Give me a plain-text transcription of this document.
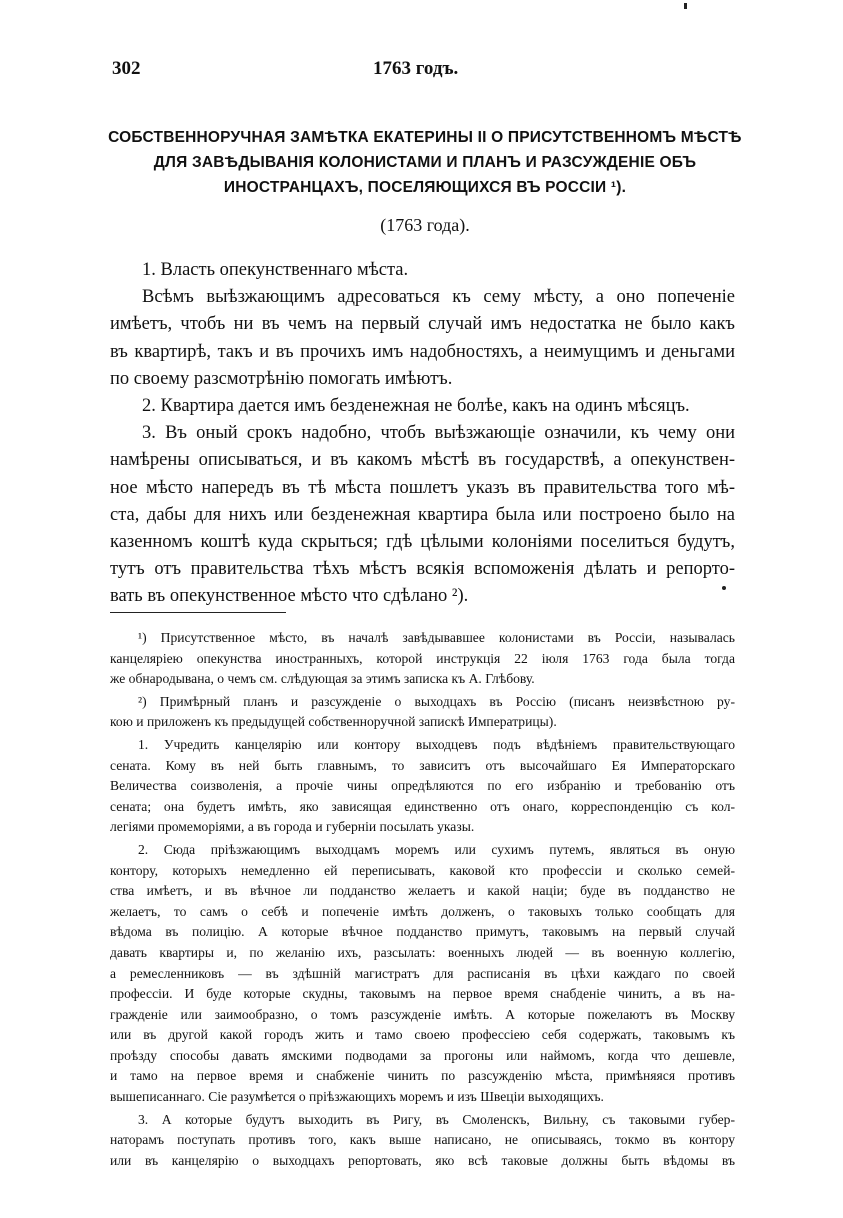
302	1763 годъ.
СОБСТВЕННОРУЧНАЯ ЗАМѢТКА ЕКАТЕРИНЫ II О ПРИСУТСТВЕННОМЪ МѢСТѢ
ДЛЯ ЗАВѢДЫВАНІЯ КОЛОНИСТАМИ И ПЛАНЪ И РАЗСУЖДЕНІЕ ОБЪ
ИНОСТРАНЦАХЪ, ПОСЕЛЯЮЩИХСЯ ВЪ РОССІИ ¹).
(1763 года).
1. Власть опекунственнаго мѣста.
Всѣмъ выѣзжающимъ адресоваться къ сему мѣсту, а оно попеченіе
имѣетъ, чтобъ ни въ чемъ на первый случай имъ недостатка не было какъ
въ квартирѣ, такъ и въ прочихъ имъ надобностяхъ, а неимущимъ и деньгами
по своему разсмотрѣнію помогать имѣютъ.
2. Квартира дается имъ безденежная не болѣе, какъ на одинъ мѣсяцъ.
3. Въ оный срокъ надобно, чтобъ выѣзжающіе означили, къ чему они
намѣрены описываться, и въ какомъ мѣстѣ въ государствѣ, а опекунствен-
ное мѣсто напередъ въ тѣ мѣста пошлетъ указъ въ правительства того мѣ-
ста, дабы для нихъ или безденежная квартира была или построено было на
казенномъ коштѣ куда скрыться; гдѣ цѣлыми колоніями поселиться будутъ,
тутъ отъ правительства тѣхъ мѣстъ всякія вспоможенія дѣлать и репорто-
вать въ опекунственное мѣсто что сдѣлано ²).
¹) Присутственное мѣсто, въ началѣ завѣдывавшее колонистами въ Россіи, называлась
канцеляріею опекунства иностранныхъ, которой инструкція 22 іюля 1763 года была тогда
же обнародывана, о чемъ см. слѣдующая за этимъ записка къ А. Глѣбову.
²) Примѣрный планъ и разсужденіе о выходцахъ въ Россію (писанъ неизвѣстною ру-
кою и приложенъ къ предыдущей собственноручной запискѣ Императрицы).
1. Учредить канцелярію или контору выходцевъ подъ вѣдѣніемъ правительствующаго
сената. Кому въ ней быть главнымъ, то зависитъ отъ высочайшаго Ея Императорскаго
Величества соизволенія, а прочіе чины опредѣляются по его избранію и требованію отъ
сената; она будетъ имѣть, яко зависящая единственно отъ онаго, корреспонденцію съ кол-
легіями промеморіями, а въ города и губерніи посылать указы.
2. Сюда пріѣзжающимъ выходцамъ моремъ или сухимъ путемъ, являться въ оную
контору, которыхъ немедленно ей переписывать, каковой кто профессіи и сколько семей-
ства имѣетъ, и въ вѣчное ли подданство желаетъ и какой націи; буде въ подданство не
желаетъ, то самъ о себѣ и попеченіе имѣть долженъ, о таковыхъ только сообщать для
вѣдома въ полицію. А которые вѣчное подданство примутъ, таковымъ на первый случай
давать квартиры и, по желанію ихъ, разсылать: военныхъ людей — въ военную коллегію,
а ремесленниковъ — въ здѣшній магистратъ для расписанія въ цѣхи каждаго по своей
профессіи. И буде которые скудны, таковымъ на первое время снабденіе чинить, а въ на-
гражденіе или заимообразно, о томъ разсужденіе имѣть. А которые пожелаютъ въ Москву
или въ другой какой городъ жить и тамо своею профессіею себя содержать, таковымъ къ
проѣзду способы давать ямскими подводами за прогоны или наймомъ, когда что дешевле,
и тамо на первое время и снабженіе чинить по разсужденію мѣста, примѣняяся противъ
вышеписаннаго. Сіе разумѣется о пріѣзжающихъ моремъ и изъ Швеціи выходящихъ.
3. А которые будутъ выходить въ Ригу, въ Смоленскъ, Вильну, съ таковыми губер-
наторамъ поступать противъ того, какъ выше написано, не описываясь, токмо въ контору
или въ канцелярію о выходцахъ репортовать, яко всѣ таковые должны быть вѣдомы въ
